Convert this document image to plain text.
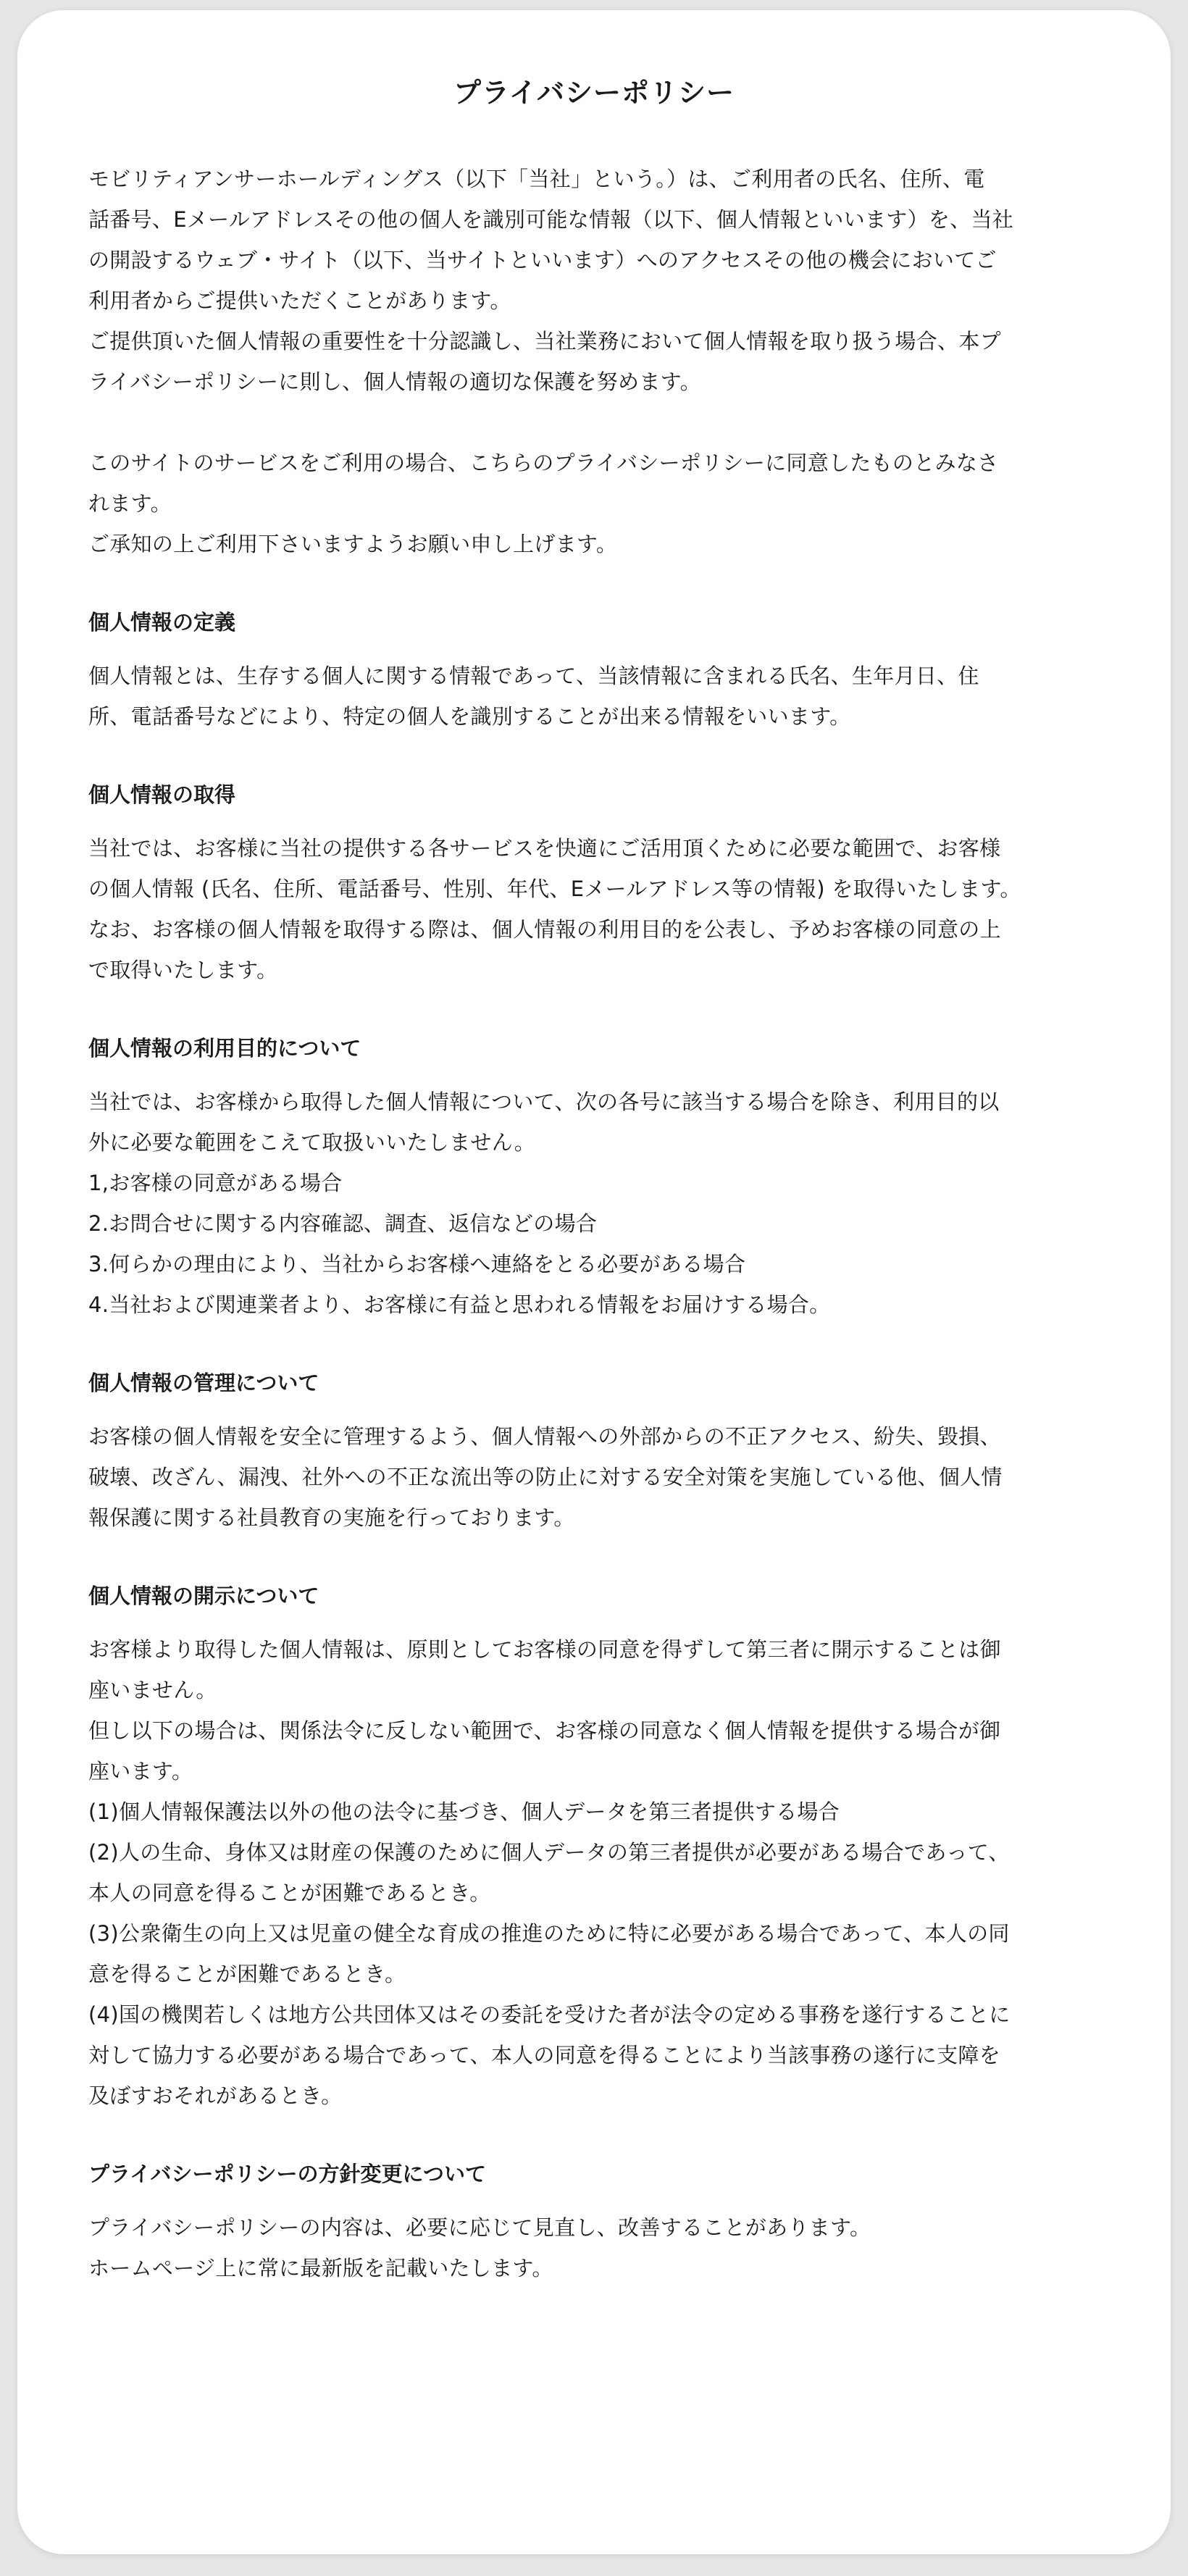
プライバシーポリシー

モビリティアンサーホールディングス（以下「当社」という。）は、ご利用者の氏名、住所、電
話番号、Eメールアドレスその他の個人を識別可能な情報（以下、個人情報といいます）を、当社
の開設するウェブ・サイト（以下、当サイトといいます）へのアクセスその他の機会においてご
利用者からご提供いただくことがあります。
ご提供頂いた個人情報の重要性を十分認識し、当社業務において個人情報を取り扱う場合、本プ
ライバシーポリシーに則し、個人情報の適切な保護を努めます。

このサイトのサービスをご利用の場合、こちらのプライバシーポリシーに同意したものとみなさ
れます。
ご承知の上ご利用下さいますようお願い申し上げます。

個人情報の定義

個人情報とは、生存する個人に関する情報であって、当該情報に含まれる氏名、生年月日、住
所、電話番号などにより、特定の個人を識別することが出来る情報をいいます。

個人情報の取得

当社では、お客様に当社の提供する各サービスを快適にご活用頂くために必要な範囲で、お客様
の個人情報 (氏名、住所、電話番号、性別、年代、Eメールアドレス等の情報) を取得いたします。
なお、お客様の個人情報を取得する際は、個人情報の利用目的を公表し、予めお客様の同意の上
で取得いたします。

個人情報の利用目的について

当社では、お客様から取得した個人情報について、次の各号に該当する場合を除き、利用目的以
外に必要な範囲をこえて取扱いいたしません。
1,お客様の同意がある場合
2.お問合せに関する内容確認、調査、返信などの場合
3.何らかの理由により、当社からお客様へ連絡をとる必要がある場合
4.当社および関連業者より、お客様に有益と思われる情報をお届けする場合。

個人情報の管理について

お客様の個人情報を安全に管理するよう、個人情報への外部からの不正アクセス、紛失、毀損、
破壊、改ざん、漏洩、社外への不正な流出等の防止に対する安全対策を実施している他、個人情
報保護に関する社員教育の実施を行っております。

個人情報の開示について

お客様より取得した個人情報は、原則としてお客様の同意を得ずして第三者に開示することは御
座いません。
但し以下の場合は、関係法令に反しない範囲で、お客様の同意なく個人情報を提供する場合が御
座います。
(1)個人情報保護法以外の他の法令に基づき、個人データを第三者提供する場合
(2)人の生命、身体又は財産の保護のために個人データの第三者提供が必要がある場合であって、
本人の同意を得ることが困難であるとき。
(3)公衆衛生の向上又は児童の健全な育成の推進のために特に必要がある場合であって、本人の同
意を得ることが困難であるとき。
(4)国の機関若しくは地方公共団体又はその委託を受けた者が法令の定める事務を遂行することに
対して協力する必要がある場合であって、本人の同意を得ることにより当該事務の遂行に支障を
及ぼすおそれがあるとき。

プライバシーポリシーの方針変更について

プライバシーポリシーの内容は、必要に応じて見直し、改善することがあります。
ホームページ上に常に最新版を記載いたします。
